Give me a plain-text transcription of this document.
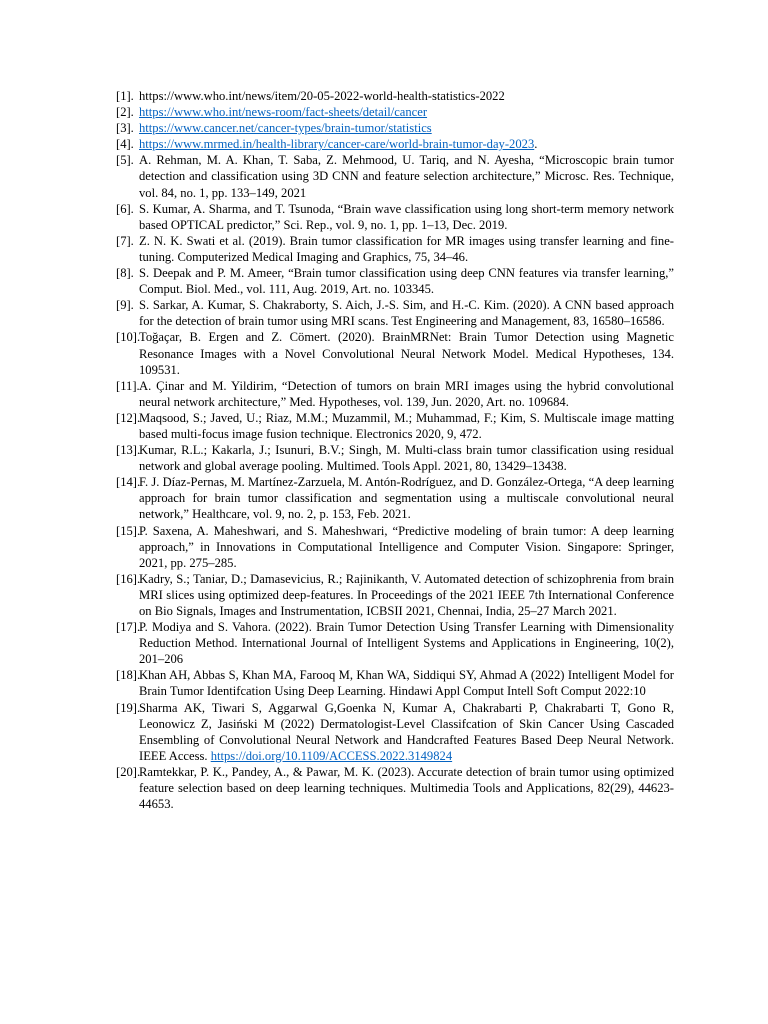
[1]. https://www.who.int/news/item/20-05-2022-world-health-statistics-2022
[2]. https://www.who.int/news-room/fact-sheets/detail/cancer
[3]. https://www.cancer.net/cancer-types/brain-tumor/statistics
[4]. https://www.mrmed.in/health-library/cancer-care/world-brain-tumor-day-2023.
[5]. A. Rehman, M. A. Khan, T. Saba, Z. Mehmood, U. Tariq, and N. Ayesha, “Microscopic brain tumor detection and classification using 3D CNN and feature selection architecture,” Microsc. Res. Technique, vol. 84, no. 1, pp. 133–149, 2021
[6]. S. Kumar, A. Sharma, and T. Tsunoda, “Brain wave classification using long short-term memory network based OPTICAL predictor,” Sci. Rep., vol. 9, no. 1, pp. 1–13, Dec. 2019.
[7]. Z. N. K. Swati et al. (2019). Brain tumor classification for MR images using transfer learning and fine-tuning. Computerized Medical Imaging and Graphics, 75, 34–46.
[8]. S. Deepak and P. M. Ameer, “Brain tumor classification using deep CNN features via transfer learning,” Comput. Biol. Med., vol. 111, Aug. 2019, Art. no. 103345.
[9]. S. Sarkar, A. Kumar, S. Chakraborty, S. Aich, J.-S. Sim, and H.-C. Kim. (2020). A CNN based approach for the detection of brain tumor using MRI scans. Test Engineering and Management, 83, 16580–16586.
[10].
Toğaçar, B. Ergen and Z. Cömert. (2020). BrainMRNet: Brain Tumor Detection using Magnetic Resonance Images with a Novel Convolutional Neural Network Model. Medical Hypotheses, 134. 109531.
[11]. A. Çinar and M. Yildirim, “Detection of tumors on brain MRI images using the hybrid convolutional neural network architecture,” Med. Hypotheses, vol. 139, Jun. 2020, Art. no. 109684.
[12].
Maqsood, S.; Javed, U.; Riaz, M.M.; Muzammil, M.; Muhammad, F.; Kim, S. Multiscale image matting based multi-focus image fusion technique. Electronics 2020, 9, 472.
[13].
Kumar, R.L.; Kakarla, J.; Isunuri, B.V.; Singh, M. Multi-class brain tumor classification using residual network and global average pooling. Multimed. Tools Appl. 2021, 80, 13429–13438.
[14].
F. J. Díaz-Pernas, M. Martínez-Zarzuela, M. Antón-Rodríguez, and D. González-Ortega, “A deep learning approach for brain tumor classification and segmentation using a multiscale convolutional neural network,” Healthcare, vol. 9, no. 2, p. 153, Feb. 2021.
[15].
P. Saxena, A. Maheshwari, and S. Maheshwari, “Predictive modeling of brain tumor: A deep learning approach,” in Innovations in Computational Intelligence and Computer Vision. Singapore: Springer, 2021, pp. 275–285.
[16].
Kadry, S.; Taniar, D.; Damasevicius, R.; Rajinikanth, V. Automated detection of schizophrenia from brain MRI slices using optimized deep-features. In Proceedings of the 2021 IEEE 7th International Conference on Bio Signals, Images and Instrumentation, ICBSII 2021, Chennai, India, 25–27 March 2021.
[17].
P. Modiya and S. Vahora. (2022). Brain Tumor Detection Using Transfer Learning with Dimensionality Reduction Method. International Journal of Intelligent Systems and Applications in Engineering, 10(2), 201–206
[18].
Khan AH, Abbas S, Khan MA, Farooq M, Khan WA, Siddiqui SY, Ahmad A (2022) Intelligent Model for Brain Tumor Identifcation Using Deep Learning. Hindawi Appl Comput Intell Soft Comput 2022:10
[19].
Sharma AK, Tiwari S, Aggarwal G,Goenka N, Kumar A, Chakrabarti P, Chakrabarti T, Gono R, Leonowicz Z, Jasiński M (2022) Dermatologist-Level Classifcation of Skin Cancer Using Cascaded Ensembling of Convolutional Neural Network and Handcrafted Features Based Deep Neural Network. IEEE Access. https://doi.org/10.1109/ACCESS.2022.3149824
[20].
Ramtekkar, P. K., Pandey, A., & Pawar, M. K. (2023). Accurate detection of brain tumor using optimized feature selection based on deep learning techniques. Multimedia Tools and Applications, 82(29), 44623-44653.
